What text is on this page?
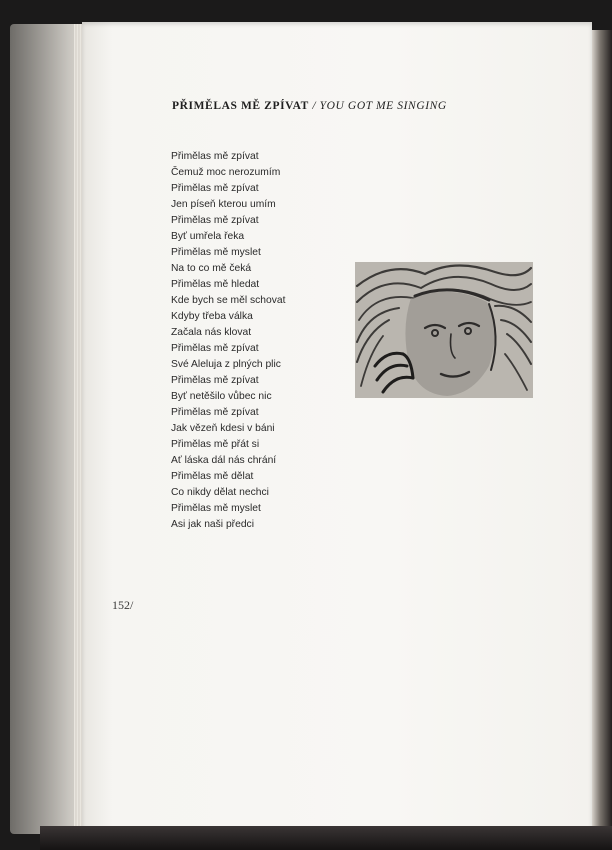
PŘIMĚLAS MĚ ZPÍVAT / YOU GOT ME SINGING
Přimělas mě zpívat
Čemuž moc nerozumím
Přimělas mě zpívat
Jen píseň kterou umím
Přimělas mě zpívat
Byť umřela řeka
Přimělas mě myslet
Na to co mě čeká
Přimělas mě hledat
Kde bych se měl schovat
Kdyby třeba válka
Začala nás klovat
Přimělas mě zpívat
Své Aleluja z plných plic
Přimělas mě zpívat
Byť netěšilo vůbec nic
Přimělas mě zpívat
Jak vězeň kdesi v báni
Přimělas mě přát si
Ať láska dál nás chrání
Přimělas mě dělat
Co nikdy dělat nechci
Přimělas mě myslet
Asi jak naši předci
152/
